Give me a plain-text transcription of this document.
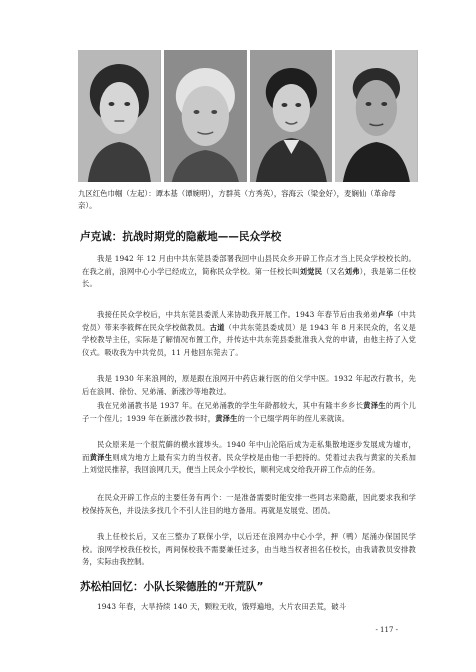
九区红色巾帼（左起）：谭本基（谭婉明），方群英（方秀英），容海云（梁金好），麦娴仙（革命母亲）。
卢克诚：抗战时期党的隐蔽地——民众学校
我是 1942 年 12 月由中共东莞县委部署我回中山县民众乡开辟工作点才当上民众学校校长的。在我之前，浪网中心小学已经成立，简称民众学校。第一任校长叫刘觉民（又名刘弗），我是第二任校长。
我接任民众学校后，中共东莞县委派人来协助我开展工作。1943 年春节后由我弟弟卢华（中共党员）带来李筱辉在民众学校做教员。古道（中共东莞县委成员）是 1943 年 8 月来民众的，名义是学校教导主任，实际是了解情况布置工作，并传达中共东莞县委批准我入党的申请，由他主持了入党仪式。吸收我为中共党员，11 月他回东莞去了。
我是 1930 年来浪网的，原是跟在浪网开中药店兼行医的伯父学中医。1932 年起改行教书，先后在浪网、徐份、兄弟涌、新涨沙等地教过。
我在兄弟涌教书是 1937 年。在兄弟涌教的学生年龄都较大，其中有隆丰乡乡长黄泽生的两个儿子一个侄儿；1939 年在新涨沙教书时，黄泽生的一个已缀学两年的侄儿来就读。
民众原来是一个很荒僻的横水渡埗头。1940 年中山沦陷后成为走私集散地逐步发展成为墟市，而黄泽生则成为地方上最有实力的当权者。民众学校是由他一手把持的。凭着过去我与黄家的关系加上刘觉民推荐，我回浪网几天，便当上民众小学校长，顺利完成交给我开辟工作点的任务。
在民众开辟工作点的主要任务有两个：一是准备需要时能安排一些同志来隐蔽，因此要求我和学校保持灰色，并设法多找几个不引人注目的地方备用。再就是发展党、团员。
我上任校长后，又在三整办了联保小学，以后还在浪网办中心小学，押（鸭）尾涌办保国民学校。浪网学校我任校长，两间保校我不需要兼任过多，由当地当权者担名任校长，由我请教员安排教务，实际由我控制。
苏松柏回忆：小队长梁德胜的“开荒队”
1943 年春，大旱持续 140 天，颗粒无收，饿殍遍地，大片农田丢荒，破斗
- 117 -
